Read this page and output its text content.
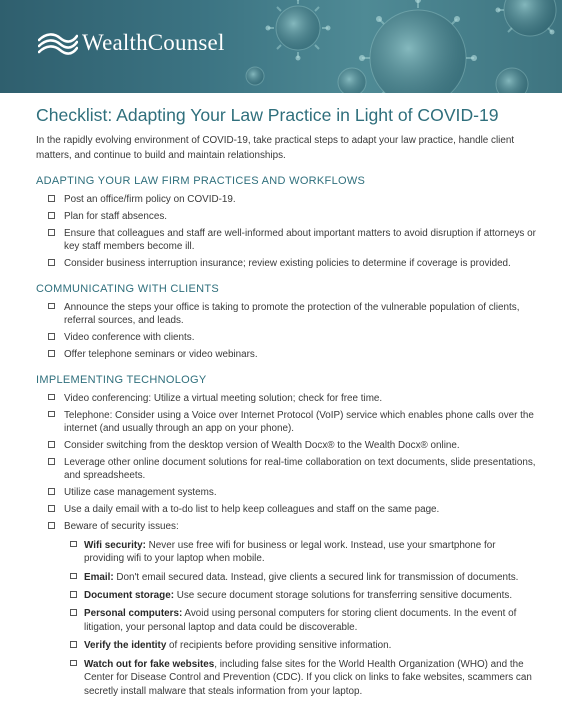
WealthCounsel
Checklist: Adapting Your Law Practice in Light of COVID-19

In the rapidly evolving environment of COVID-19, take practical steps to adapt your law practice, handle client matters, and continue to build and maintain relationships.

ADAPTING YOUR LAW FIRM PRACTICES AND WORKFLOWS
Post an office/firm policy on COVID-19.
Plan for staff absences.
Ensure that colleagues and staff are well-informed about important matters to avoid disruption if attorneys or key staff members become ill.
Consider business interruption insurance; review existing policies to determine if coverage is provided.
COMMUNICATING WITH CLIENTS
Announce the steps your office is taking to promote the protection of the vulnerable population of clients, referral sources, and leads.
Video conference with clients.
Offer telephone seminars or video webinars.
IMPLEMENTING TECHNOLOGY
Video conferencing: Utilize a virtual meeting solution; check for free time.
Telephone: Consider using a Voice over Internet Protocol (VoIP) service which enables phone calls over the internet (and usually through an app on your phone).
Consider switching from the desktop version of Wealth Docx® to the Wealth Docx® online.
Leverage other online document solutions for real-time collaboration on text documents, slide presentations, and spreadsheets.
Utilize case management systems.
Use a daily email with a to-do list to help keep colleagues and staff on the same page.
Beware of security issues:
Wifi security: Never use free wifi for business or legal work. Instead, use your smartphone for providing wifi to your laptop when mobile.
Email: Don't email secured data. Instead, give clients a secured link for transmission of documents.
Document storage: Use secure document storage solutions for transferring sensitive documents.
Personal computers: Avoid using personal computers for storing client documents. In the event of litigation, your personal laptop and data could be discoverable.
Verify the identity of recipients before providing sensitive information.
Watch out for fake websites, including false sites for the World Health Organization (WHO) and the Center for Disease Control and Prevention (CDC). If you click on links to fake websites, scammers can secretly install malware that steals information from your laptop.
